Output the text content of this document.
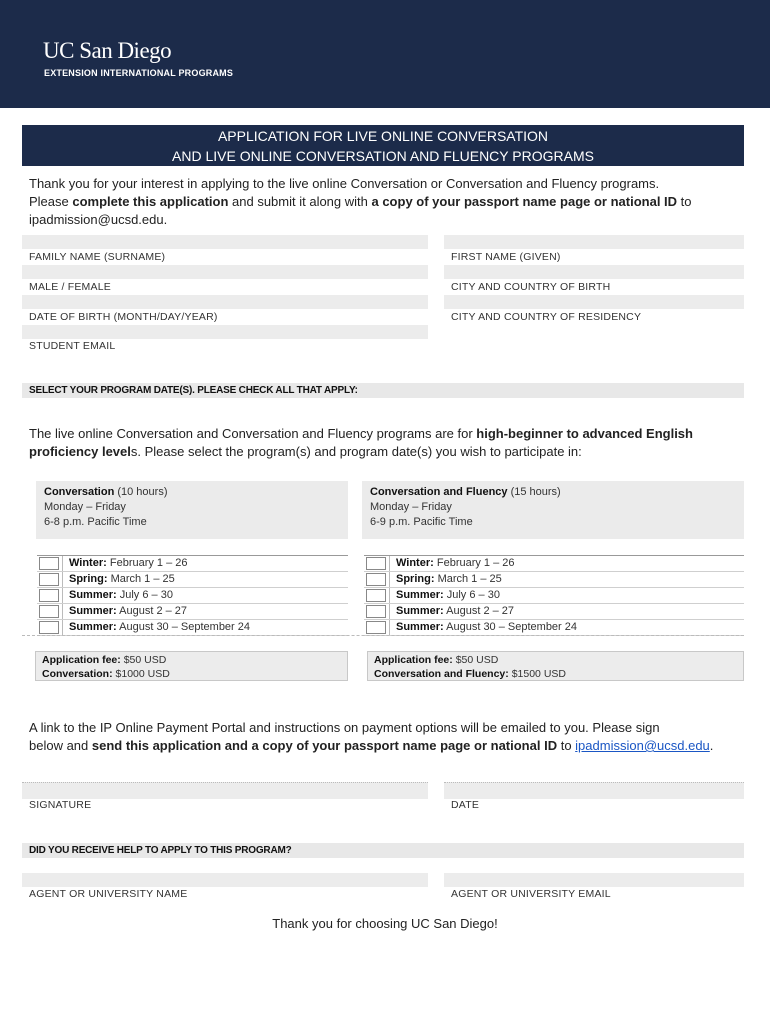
UC San Diego
EXTENSION INTERNATIONAL PROGRAMS
APPLICATION FOR LIVE ONLINE CONVERSATION
AND LIVE ONLINE CONVERSATION AND FLUENCY PROGRAMS
Thank you for your interest in applying to the live online Conversation or Conversation and Fluency programs.
Please complete this application and submit it along with a copy of your passport name page or national ID to
ipadmission@ucsd.edu.
FAMILY NAME (SURNAME)	FIRST NAME (GIVEN)
MALE / FEMALE	CITY AND COUNTRY OF BIRTH
DATE OF BIRTH (MONTH/DAY/YEAR)	CITY AND COUNTRY OF RESIDENCY
STUDENT EMAIL
SELECT YOUR PROGRAM DATE(S). PLEASE CHECK ALL THAT APPLY:
The live online Conversation and Conversation and Fluency programs are for high-beginner to advanced English
proficiency levels. Please select the program(s) and program date(s) you wish to participate in:
Conversation (10 hours)
Monday – Friday
6-8 p.m. Pacific Time
Conversation and Fluency (15 hours)
Monday – Friday
6-9 p.m. Pacific Time
Winter: February 1 – 26
Spring: March 1 – 25
Summer: July 6 – 30
Summer: August 2 – 27
Summer: August 30 – September 24
Winter: February 1 – 26
Spring: March 1 – 25
Summer: July 6 – 30
Summer: August 2 – 27
Summer: August 30 – September 24
Application fee: $50 USD
Conversation: $1000 USD
Application fee: $50 USD
Conversation and Fluency: $1500 USD
A link to the IP Online Payment Portal and instructions on payment options will be emailed to you. Please sign
below and send this application and a copy of your passport name page or national ID to ipadmission@ucsd.edu.
SIGNATURE	DATE
DID YOU RECEIVE HELP TO APPLY TO THIS PROGRAM?
AGENT OR UNIVERSITY NAME	AGENT OR UNIVERSITY EMAIL
Thank you for choosing UC San Diego!
